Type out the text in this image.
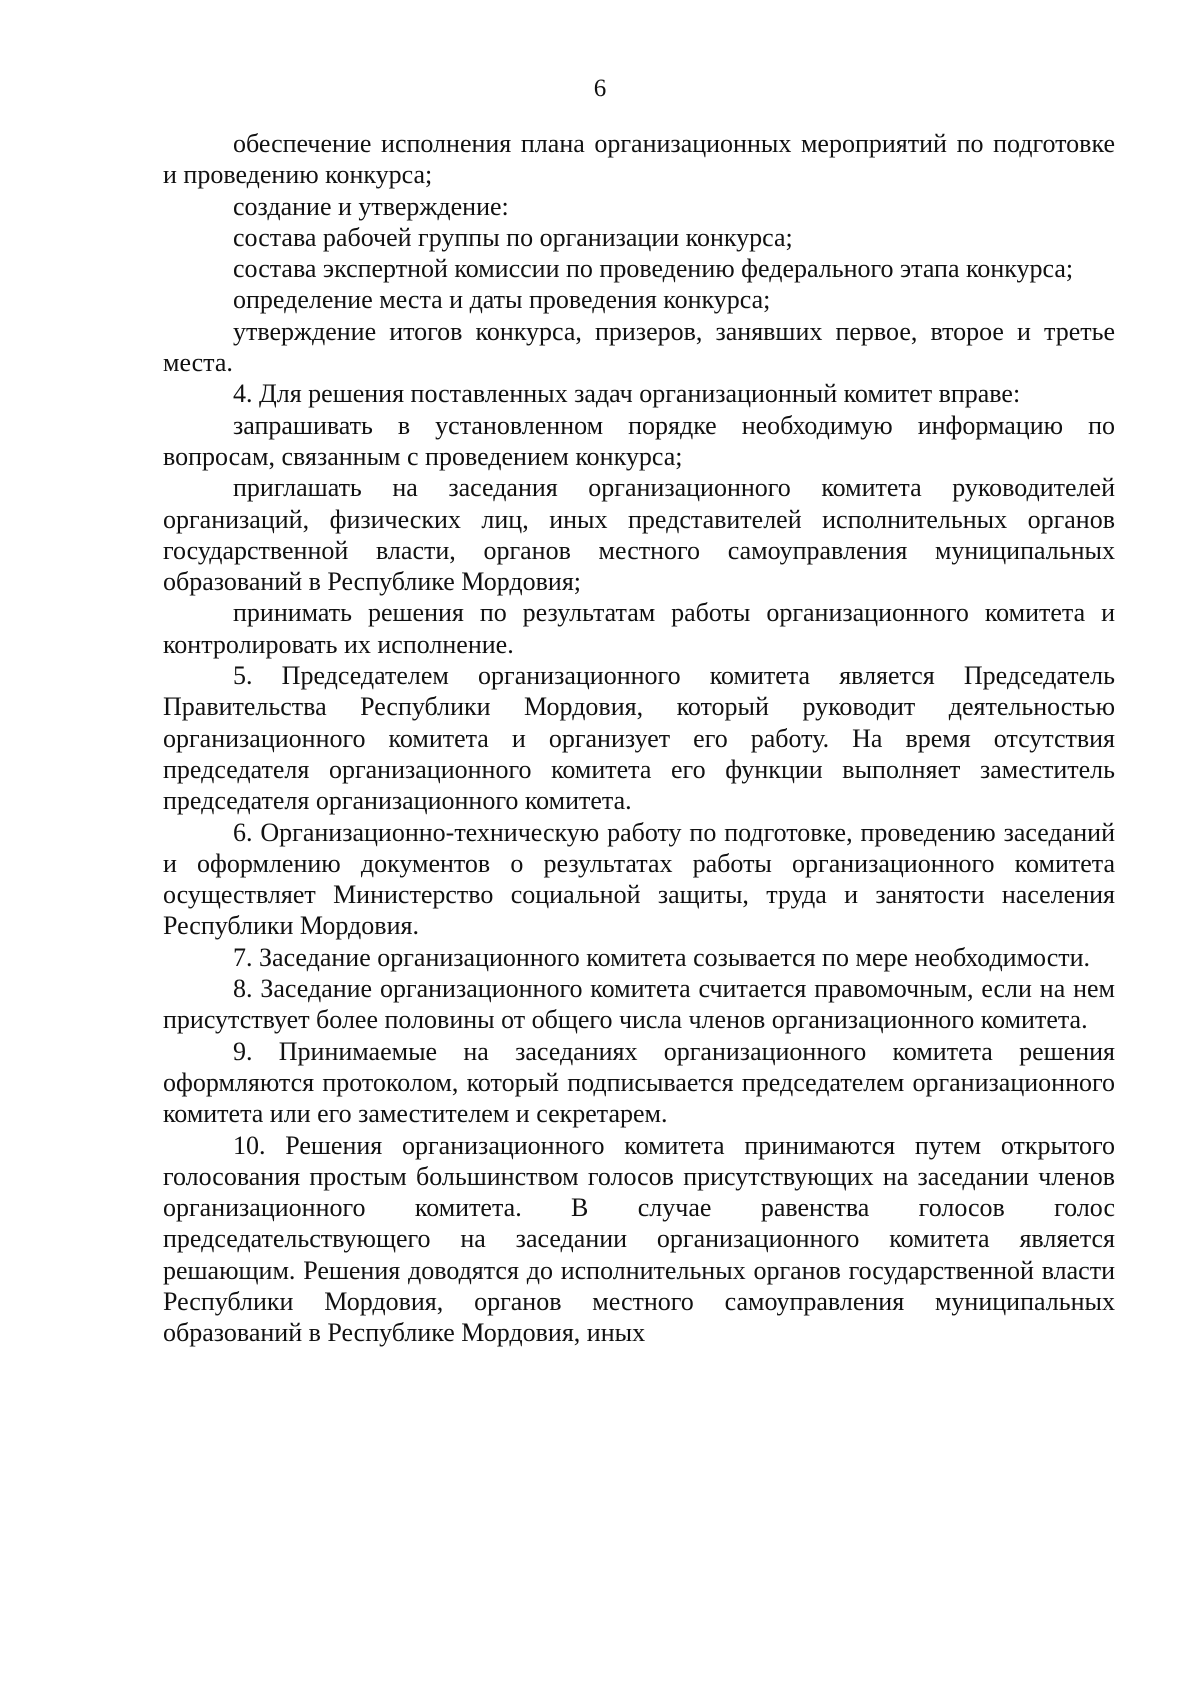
6

обеспечение исполнения плана организационных мероприятий по подготовке и проведению конкурса;

создание и утверждение:

состава рабочей группы по организации конкурса;

состава экспертной комиссии по проведению федерального этапа конкурса;

определение места и даты проведения конкурса;

утверждение итогов конкурса, призеров, занявших первое, второе и третье места.

4. Для решения поставленных задач организационный комитет вправе:

запрашивать в установленном порядке необходимую информацию по вопросам, связанным с проведением конкурса;

приглашать на заседания организационного комитета руководителей организаций, физических лиц, иных представителей исполнительных органов государственной власти, органов местного самоуправления муниципальных образований в Республике Мордовия;

принимать решения по результатам работы организационного комитета и контролировать их исполнение.

5. Председателем организационного комитета является Председатель Правительства Республики Мордовия, который руководит деятельностью организационного комитета и организует его работу. На время отсутствия председателя организационного комитета его функции выполняет заместитель председателя организационного комитета.

6. Организационно-техническую работу по подготовке, проведению заседаний и оформлению документов о результатах работы организационного комитета осуществляет Министерство социальной защиты, труда и занятости населения Республики Мордовия.

7. Заседание организационного комитета созывается по мере необходимости.

8. Заседание организационного комитета считается правомочным, если на нем присутствует более половины от общего числа членов организационного комитета.

9. Принимаемые на заседаниях организационного комитета решения оформляются протоколом, который подписывается председателем организационного комитета или его заместителем и секретарем.

10. Решения организационного комитета принимаются путем открытого голосования простым большинством голосов присутствующих на заседании членов организационного комитета. В случае равенства голосов голос председательствующего на заседании организационного комитета является решающим. Решения доводятся до исполнительных органов государственной власти Республики Мордовия, органов местного самоуправления муниципальных образований в Республике Мордовия, иных
